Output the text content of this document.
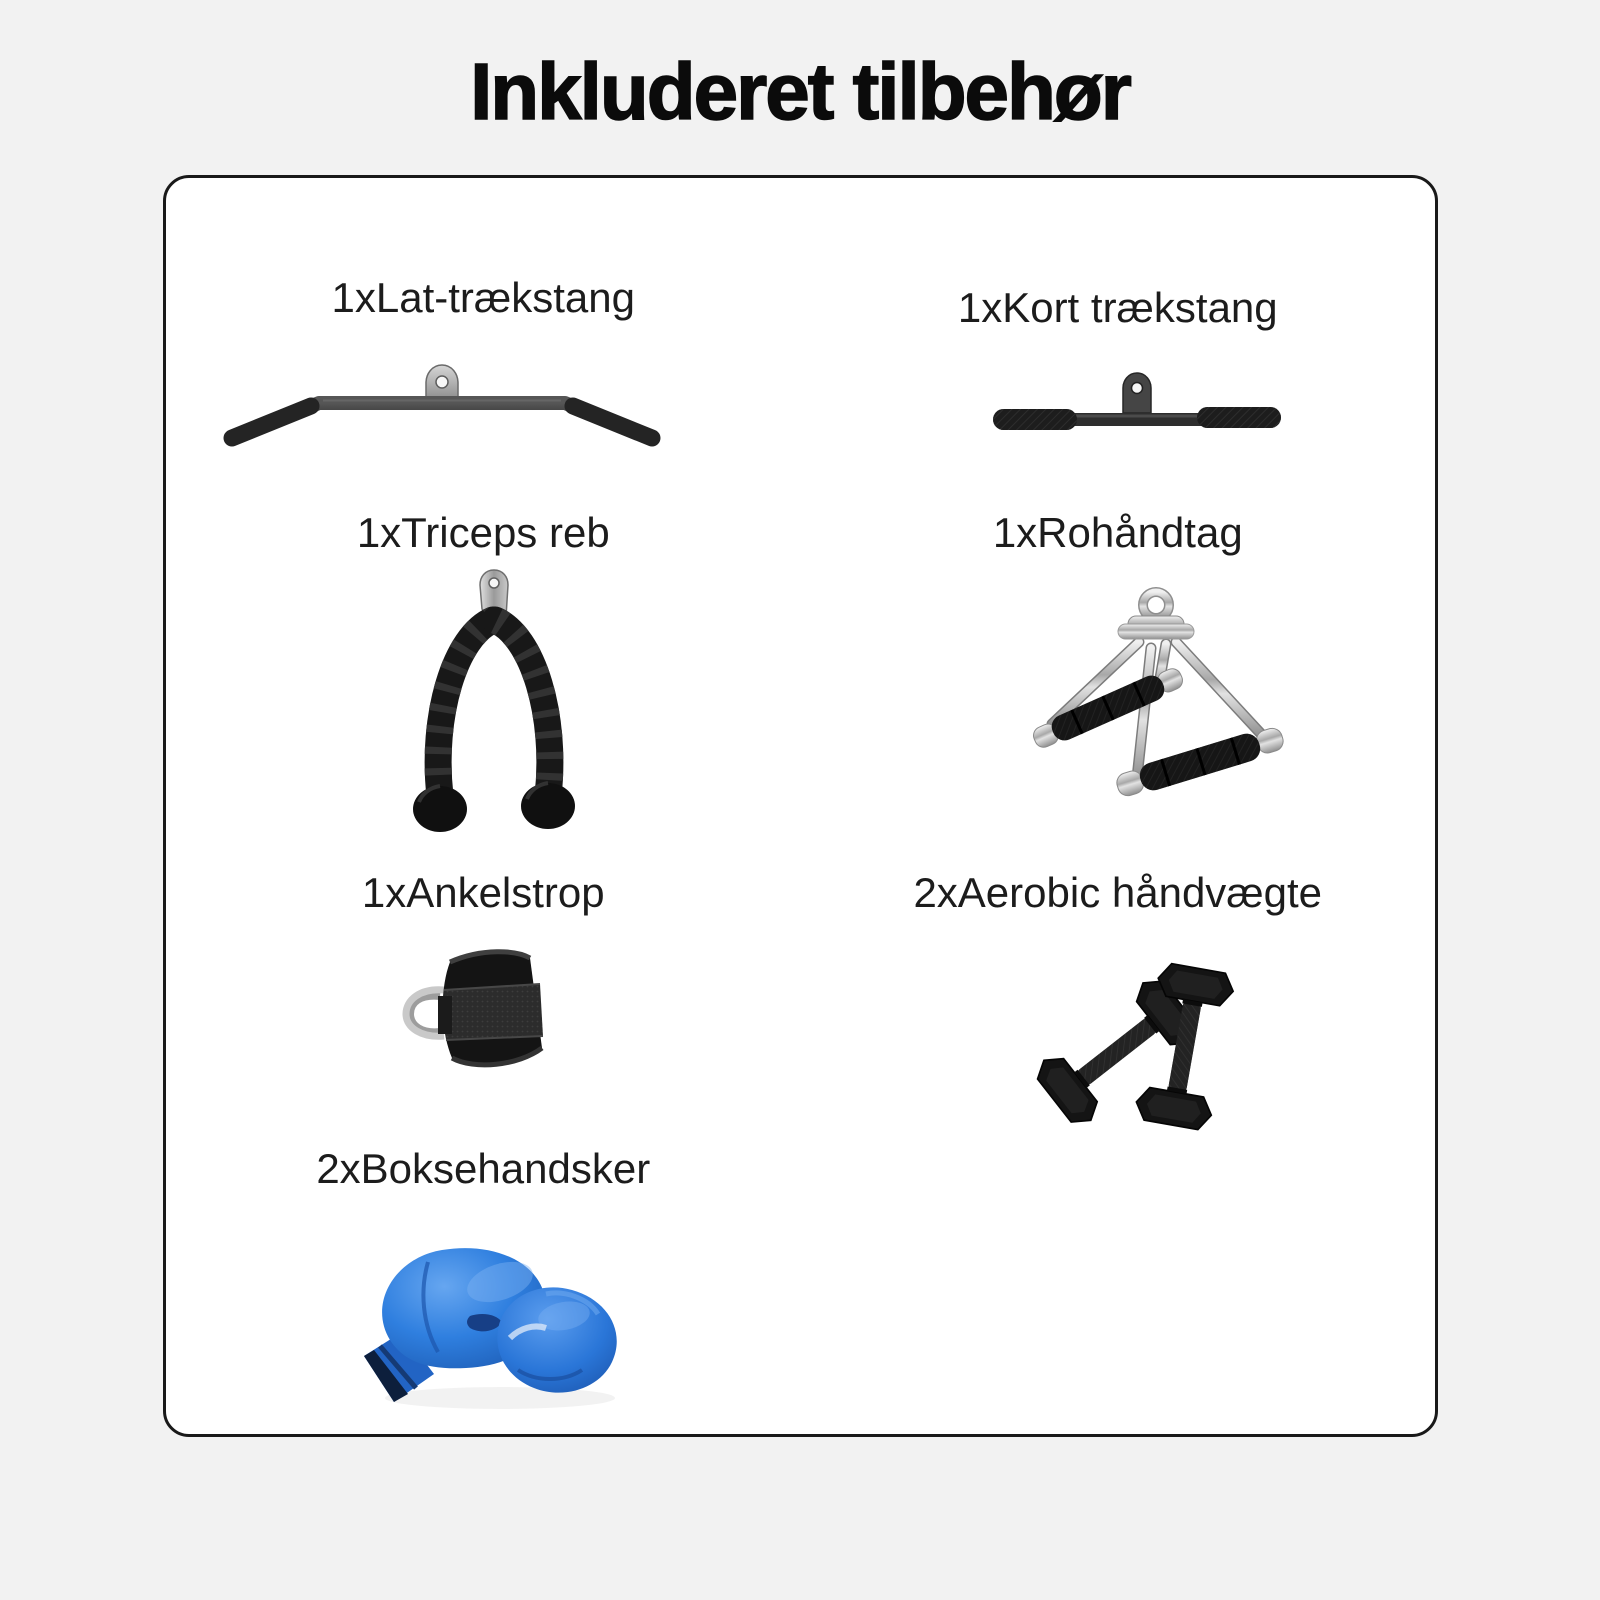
Inkluderet tilbehør
1xLat-trækstang	1xKort trækstang
1xTriceps reb	1xRohåndtag
1xAnkelstrop	2xAerobic håndvægte
2xBoksehandsker
